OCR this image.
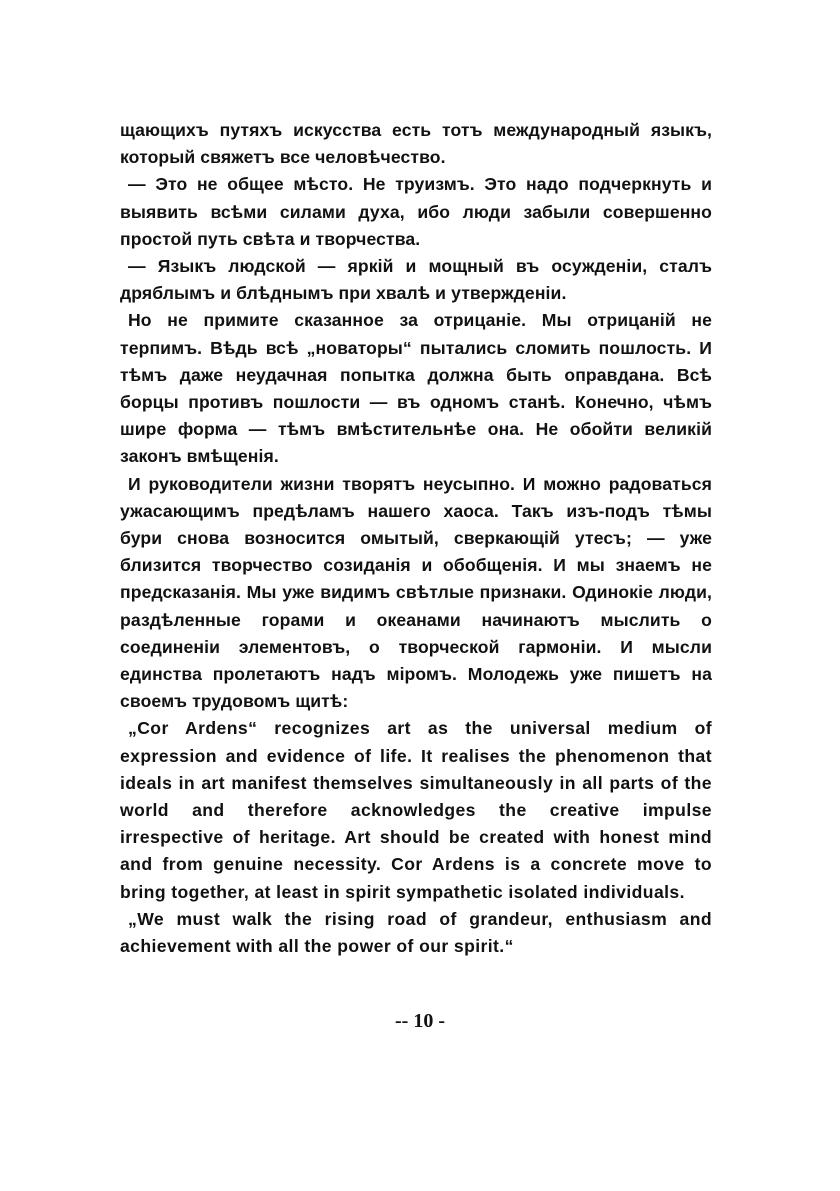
щающихъ путяхъ искусства есть тотъ международный языкъ, который свяжетъ все человѣчество.

— Это не общее мѣсто. Не труизмъ. Это надо подчеркнуть и выявить всѣми силами духа, ибо люди забыли совершенно простой путь свѣта и творчества.

— Языкъ людской — яркiй и мощный въ осужденiи, сталъ дряблымъ и блѣднымъ при хвалѣ и утвержденiи.

Но не примите сказанное за отрицанiе. Мы отрицанiй не терпимъ. Вѣдь всѣ „новаторы“ пытались сломить пошлость. И тѣмъ даже неудачная попытка должна быть оправдана. Всѣ борцы противъ пошлости — въ одномъ станѣ. Конечно, чѣмъ шире форма — тѣмъ вмѣстительнѣе она. Не обойти великiй законъ вмѣщенiя.

И руководители жизни творятъ неусыпно. И можно радоваться ужасающимъ предѣламъ нашего хаоса. Такъ изъ-подъ тѣмы бури снова возносится омытый, сверкающiй утесъ; — уже близится творчество созиданiя и обобщенiя. И мы знаемъ не предсказанiя. Мы уже видимъ свѣтлые признаки. Одинокiе люди, раздѣленные горами и океанами начинаютъ мыслить о соединенiи элементовъ, о творческой гармонiи. И мысли единства пролетаютъ надъ мiромъ. Молодежь уже пишетъ на своемъ трудовомъ щитѣ:

„Cor Ardens“ recognizes art as the universal medium of expression and evidence of life. It realises the phenomenon that ideals in art manifest themselves simultaneously in all parts of the world and therefore acknowledges the creative impulse irrespective of heritage. Art should be created with honest mind and from genuine necessity. Cor Ardens is a concrete move to bring together, at least in spirit sympathetic isolated individuals.

„We must walk the rising road of grandeur, enthusiasm and achievement with all the power of our spirit.“

-- 10 -
